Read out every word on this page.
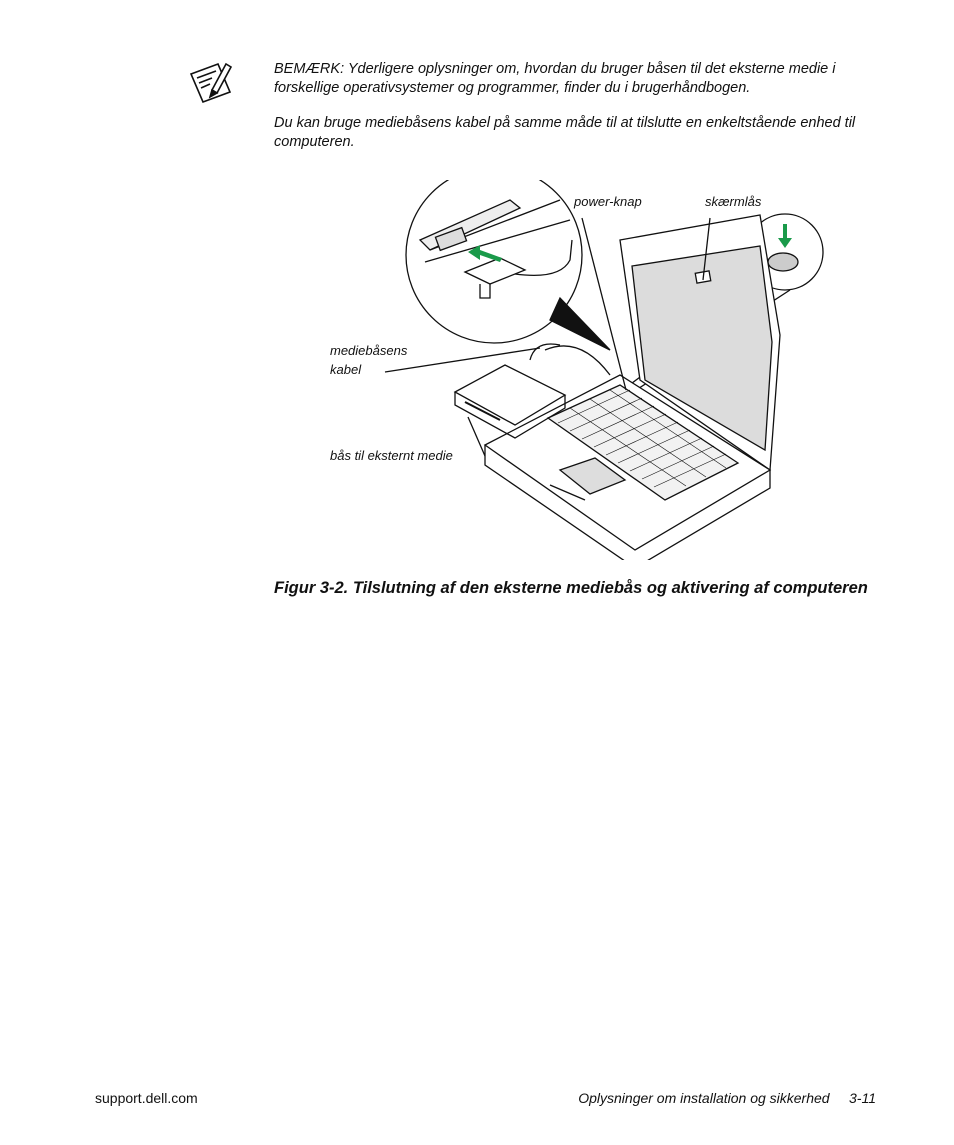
BEMÆRK: Yderligere oplysninger om, hvordan du bruger båsen til det eksterne medie i forskellige operativsystemer og programmer, finder du i brugerhåndbogen.

Du kan bruge mediebåsens kabel på samme måde til at tilslutte en enkeltstående enhed til computeren.

power-knap	skærmlås

mediebåsens

kabel

bås til eksternt medie

Figur 3-2. Tilslutning af den eksterne mediebås og aktivering af computeren

support.dell.com	Oplysninger om installation og sikkerhed     3-11
